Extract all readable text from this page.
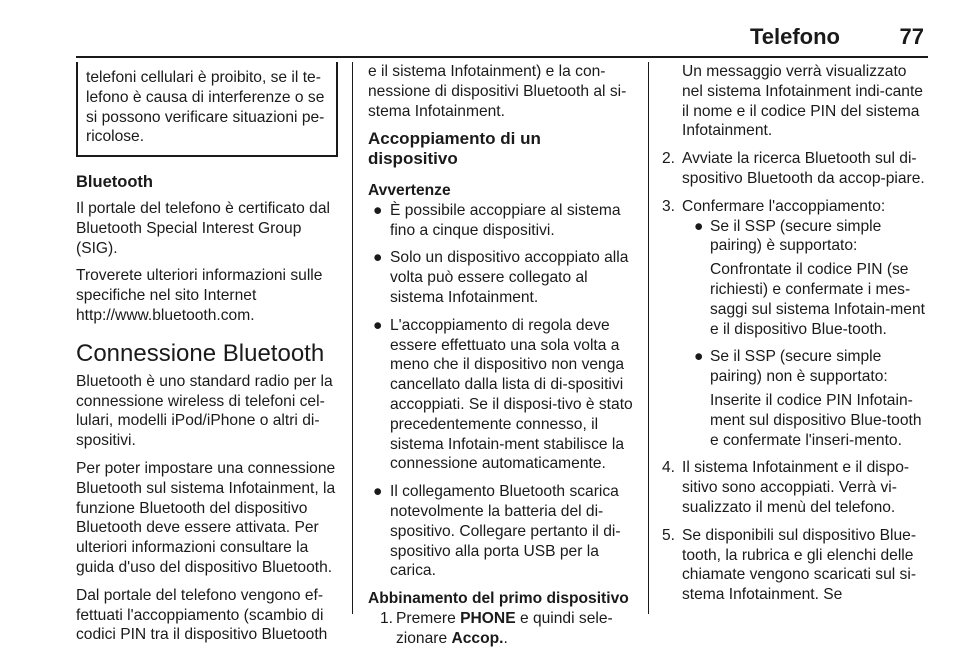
Telefono	77
telefoni cellulari è proibito, se il te-lefono è causa di interferenze o se si possono verificare situazioni pe-ricolose.
Bluetooth

Il portale del telefono è certificato dal Bluetooth Special Interest Group (SIG).

Troverete ulteriori informazioni sulle specifiche nel sito Internet http://www.bluetooth.com.

Connessione Bluetooth

Bluetooth è uno standard radio per la connessione wireless di telefoni cel-lulari, modelli iPod/iPhone o altri di-spositivi.

Per poter impostare una connessione Bluetooth sul sistema Infotainment, la funzione Bluetooth del dispositivo Bluetooth deve essere attivata. Per ulteriori informazioni consultare la guida d'uso del dispositivo Bluetooth.

Dal portale del telefono vengono ef-fettuati l'accoppiamento (scambio di codici PIN tra il dispositivo Bluetooth

e il sistema Infotainment) e la con-nessione di dispositivi Bluetooth al si-stema Infotainment.

Accoppiamento di un dispositivo
Avvertenze
● È possibile accoppiare al sistema fino a cinque dispositivi.
● Solo un dispositivo accoppiato alla volta può essere collegato al sistema Infotainment.
● L'accoppiamento di regola deve essere effettuato una sola volta a meno che il dispositivo non venga cancellato dalla lista di di-spositivi accoppiati. Se il disposi-tivo è stato precedentemente connesso, il sistema Infotain-ment stabilisce la connessione automaticamente.
● Il collegamento Bluetooth scarica notevolmente la batteria del di-spositivo. Collegare pertanto il di-spositivo alla porta USB per la carica.
Abbinamento del primo dispositivo
1. Premere PHONE e quindi sele-zionare Accop..

Un messaggio verrà visualizzato nel sistema Infotainment indi-cante il nome e il codice PIN del sistema Infotainment.

2. Avviate la ricerca Bluetooth sul di-spositivo Bluetooth da accop-piare.
3. Confermare l'accoppiamento:
● Se il SSP (secure simple pairing) è supportato:
Confrontate il codice PIN (se richiesti) e confermate i mes-saggi sul sistema Infotain-ment e il dispositivo Blue-tooth.
● Se il SSP (secure simple pairing) non è supportato:
Inserite il codice PIN Infotain-ment sul dispositivo Blue-tooth e confermate l'inseri-mento.
4. Il sistema Infotainment e il dispo-sitivo sono accoppiati. Verrà vi-sualizzato il menù del telefono.
5. Se disponibili sul dispositivo Blue-tooth, la rubrica e gli elenchi delle chiamate vengono scaricati sul si-stema Infotainment. Se
